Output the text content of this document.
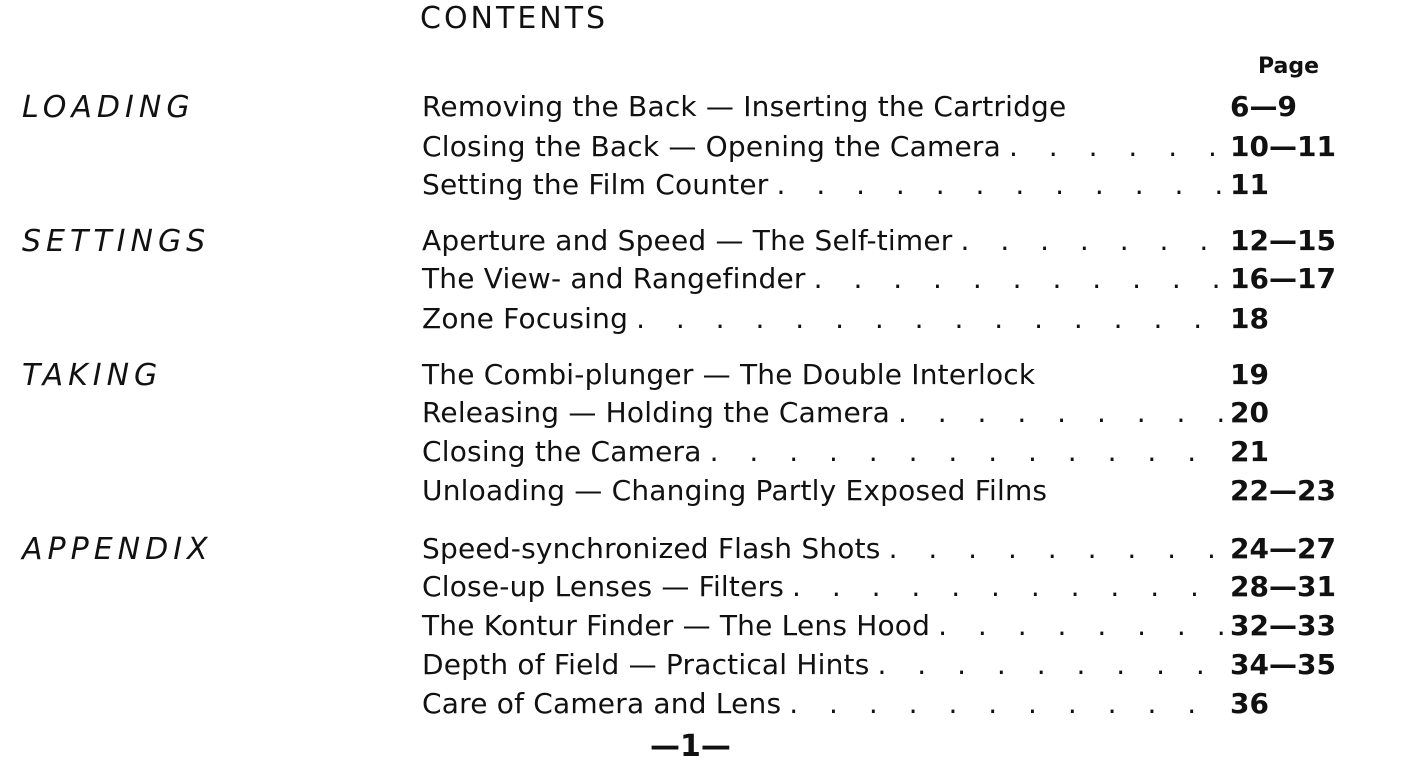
CONTENTS
Page
LOADING	Removing the Back — Inserting the Cartridge	6—9
Closing the Back — Opening the Camera . . .	10—11
Setting the Film Counter . . .	11
SETTINGS	Aperture and Speed — The Self-timer . . .	12—15
The View- and Rangefinder . . .	16—17
Zone Focusing . . .	18
TAKING	The Combi-plunger — The Double Interlock	19
Releasing — Holding the Camera . . .	20
Closing the Camera . . .	21
Unloading — Changing Partly Exposed Films	22—23
APPENDIX	Speed-synchronized Flash Shots . . .	24—27
Close-up Lenses — Filters . . .	28—31
The Kontur Finder — The Lens Hood . . .	32—33
Depth of Field — Practical Hints . . .	34—35
Care of Camera and Lens . . .	36
—1—
